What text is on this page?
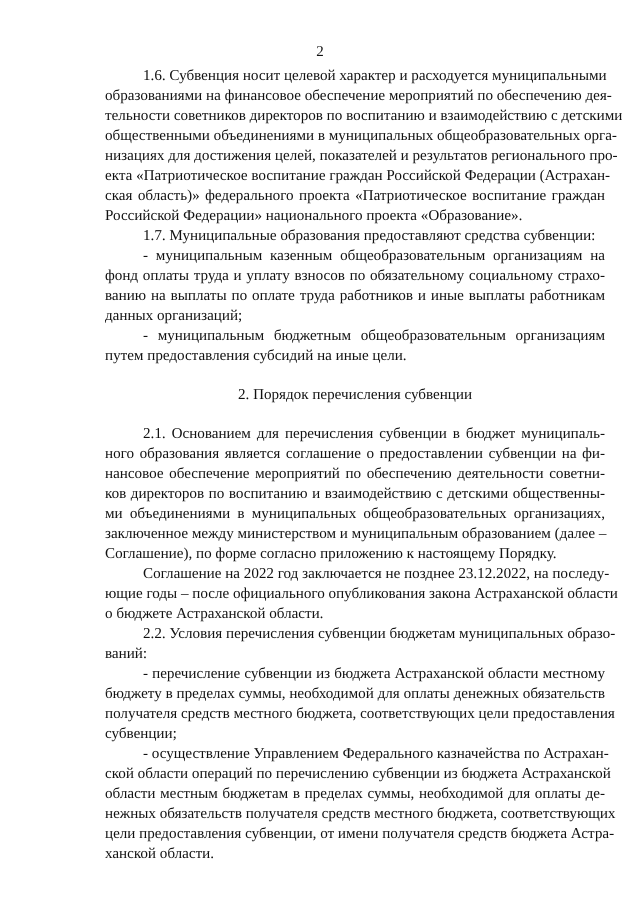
2
1.6. Субвенция носит целевой характер и расходуется муниципальными
образованиями на финансовое обеспечение мероприятий по обеспечению дея-
тельности советников директоров по воспитанию и взаимодействию с детскими
общественными объединениями в муниципальных общеобразовательных орга-
низациях для достижения целей, показателей и результатов регионального про-
екта «Патриотическое воспитание граждан Российской Федерации (Астрахан-
ская область)» федерального проекта «Патриотическое воспитание граждан
Российской Федерации» национального проекта «Образование».
1.7. Муниципальные образования предоставляют средства субвенции:
- муниципальным казенным общеобразовательным организациям на
фонд оплаты труда и уплату взносов по обязательному социальному страхо-
ванию на выплаты по оплате труда работников и иные выплаты работникам
данных организаций;
- муниципальным бюджетным общеобразовательным организациям
путем предоставления субсидий на иные цели.
2. Порядок перечисления субвенции
2.1. Основанием для перечисления субвенции в бюджет муниципаль-
ного образования является соглашение о предоставлении субвенции на фи-
нансовое обеспечение мероприятий по обеспечению деятельности советни-
ков директоров по воспитанию и взаимодействию с детскими общественны-
ми объединениями в муниципальных общеобразовательных организациях,
заключенное между министерством и муниципальным образованием (далее –
Соглашение), по форме согласно приложению к настоящему Порядку.
Соглашение на 2022 год заключается не позднее 23.12.2022, на последу-
ющие годы – после официального опубликования закона Астраханской области
о бюджете Астраханской области.
2.2. Условия перечисления субвенции бюджетам муниципальных образо-
ваний:
- перечисление субвенции из бюджета Астраханской области местному
бюджету в пределах суммы, необходимой для оплаты денежных обязательств
получателя средств местного бюджета, соответствующих цели предоставления
субвенции;
- осуществление Управлением Федерального казначейства по Астрахан-
ской области операций по перечислению субвенции из бюджета Астраханской
области местным бюджетам в пределах суммы, необходимой для оплаты де-
нежных обязательств получателя средств местного бюджета, соответствующих
цели предоставления субвенции, от имени получателя средств бюджета Астра-
ханской области.
